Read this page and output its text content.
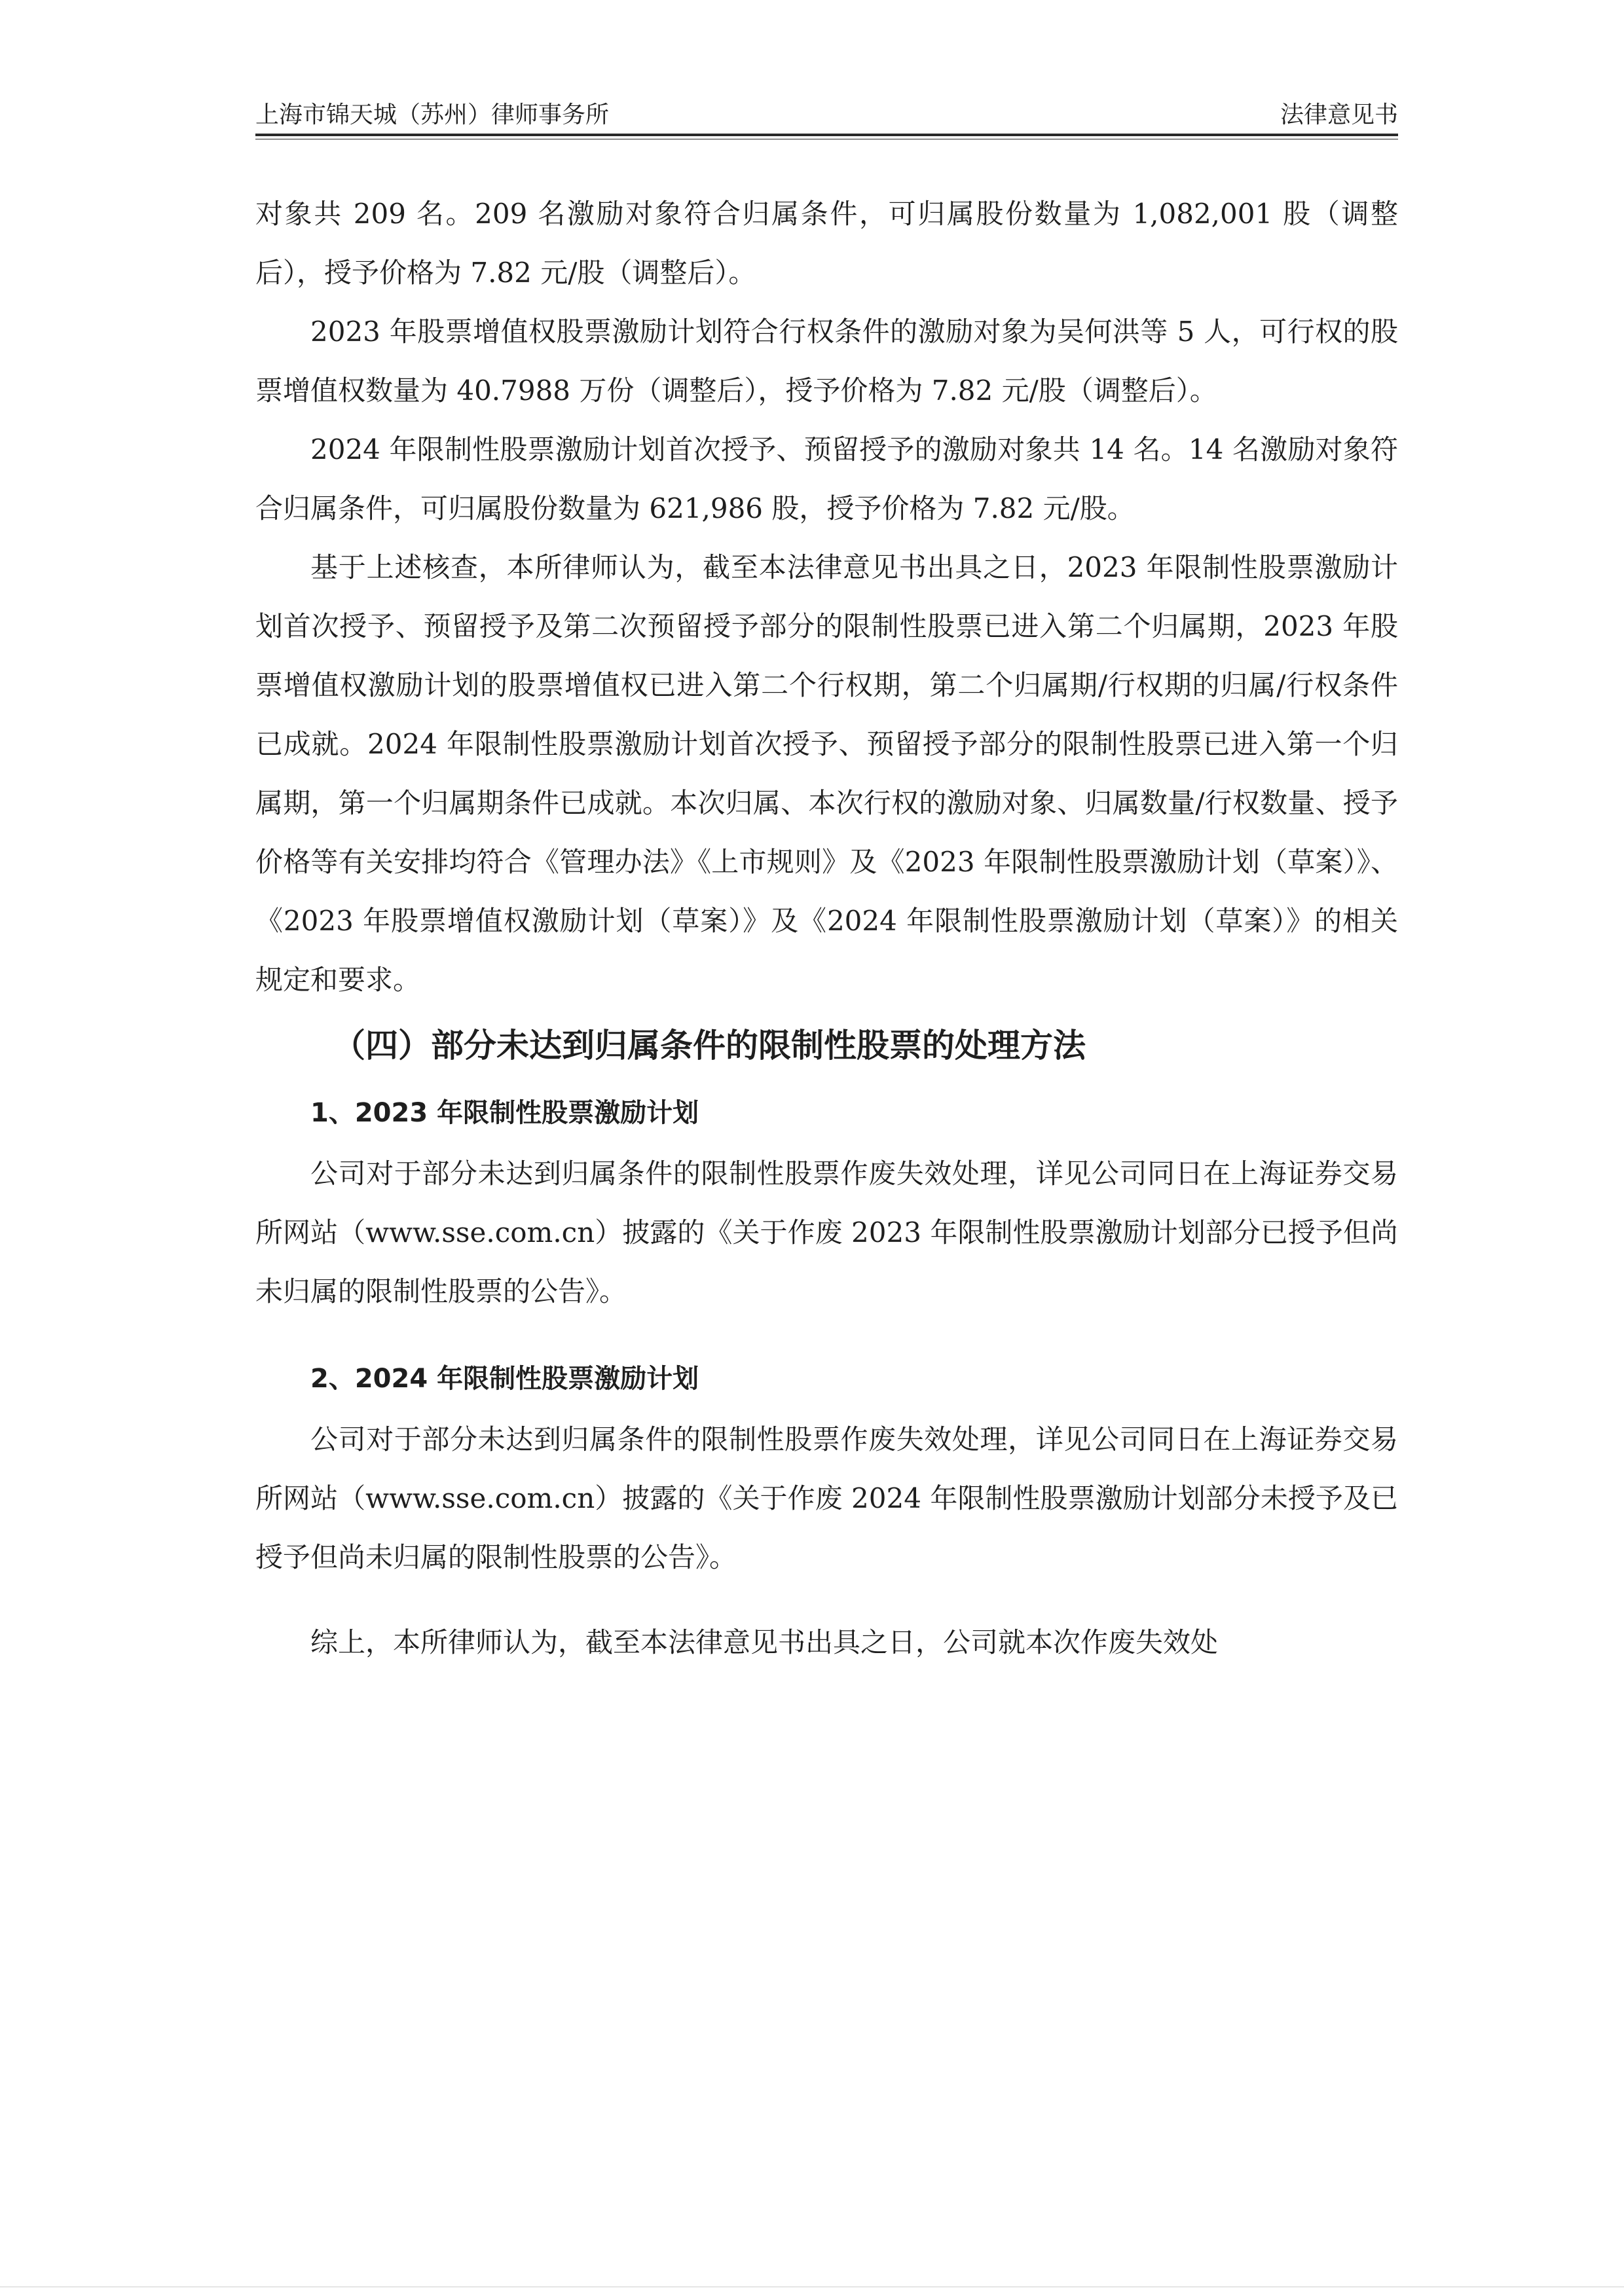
上海市锦天城（苏州）律师事务所	法律意见书

对象共 209 名。209 名激励对象符合归属条件，可归属股份数量为 1,082,001 股（调整后），授予价格为 7.82 元/股（调整后）。

2023 年股票增值权股票激励计划符合行权条件的激励对象为吴何洪等 5 人，可行权的股票增值权数量为 40.7988 万份（调整后），授予价格为 7.82 元/股（调整后）。

2024 年限制性股票激励计划首次授予、预留授予的激励对象共 14 名。14 名激励对象符合归属条件，可归属股份数量为 621,986 股，授予价格为 7.82 元/股。

基于上述核查，本所律师认为，截至本法律意见书出具之日，2023 年限制性股票激励计划首次授予、预留授予及第二次预留授予部分的限制性股票已进入第二个归属期，2023 年股票增值权激励计划的股票增值权已进入第二个行权期，第二个归属期/行权期的归属/行权条件已成就。2024 年限制性股票激励计划首次授予、预留授予部分的限制性股票已进入第一个归属期，第一个归属期条件已成就。本次归属、本次行权的激励对象、归属数量/行权数量、授予价格等有关安排均符合《管理办法》《上市规则》及《2023 年限制性股票激励计划（草案）》、《2023 年股票增值权激励计划（草案）》及《2024 年限制性股票激励计划（草案）》的相关规定和要求。

（四）部分未达到归属条件的限制性股票的处理方法
1、2023 年限制性股票激励计划

公司对于部分未达到归属条件的限制性股票作废失效处理，详见公司同日在上海证券交易所网站（www.sse.com.cn）披露的《关于作废 2023 年限制性股票激励计划部分已授予但尚未归属的限制性股票的公告》。

2、2024 年限制性股票激励计划

公司对于部分未达到归属条件的限制性股票作废失效处理，详见公司同日在上海证券交易所网站（www.sse.com.cn）披露的《关于作废 2024 年限制性股票激励计划部分未授予及已授予但尚未归属的限制性股票的公告》。

综上，本所律师认为，截至本法律意见书出具之日，公司就本次作废失效处
